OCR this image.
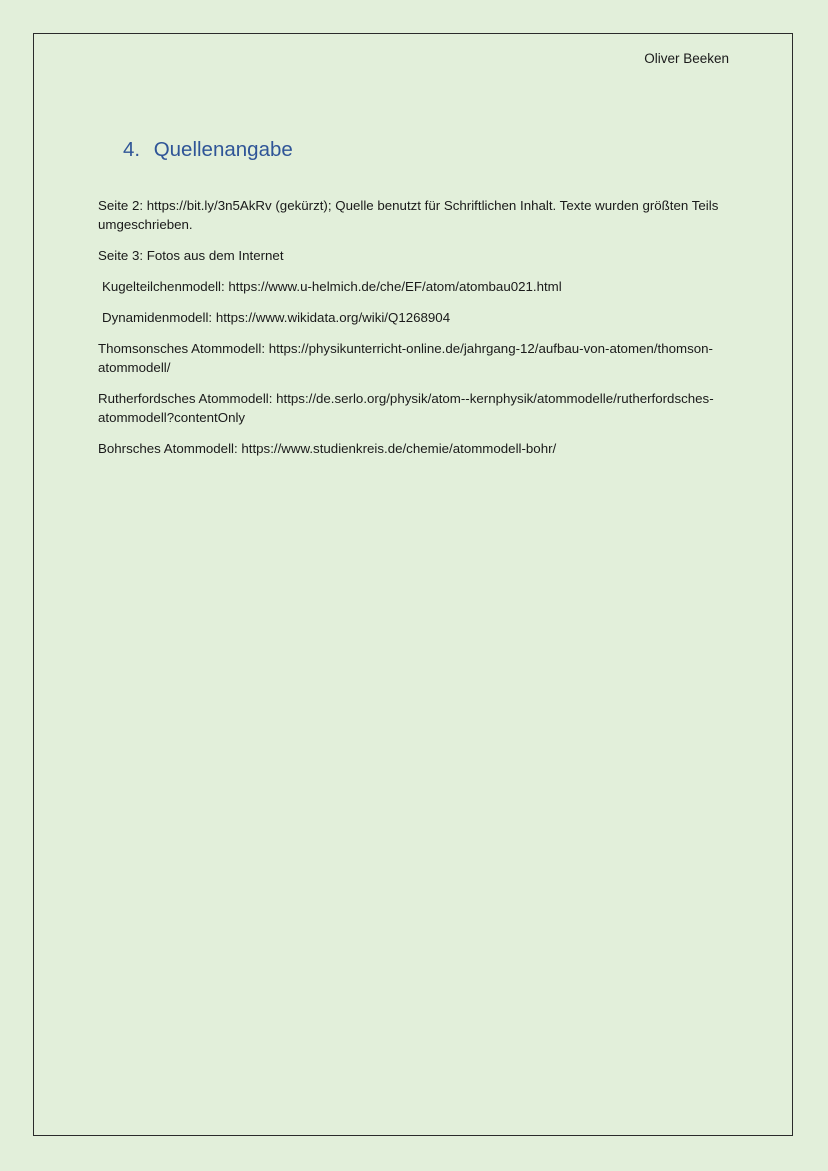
Oliver Beeken
4. Quellenangabe

Seite 2: https://bit.ly/3n5AkRv (gekürzt); Quelle benutzt für Schriftlichen Inhalt. Texte wurden größten Teils umgeschrieben.

Seite 3: Fotos aus dem Internet

Kugelteilchenmodell: https://www.u-helmich.de/che/EF/atom/atombau021.html

Dynamidenmodell: https://www.wikidata.org/wiki/Q1268904

Thomsonsches Atommodell: https://physikunterricht-online.de/jahrgang-12/aufbau-von-atomen/thomson-atommodell/

Rutherfordsches Atommodell: https://de.serlo.org/physik/atom--kernphysik/atommodelle/rutherfordsches-atommodell?contentOnly

Bohrsches Atommodell: https://www.studienkreis.de/chemie/atommodell-bohr/
